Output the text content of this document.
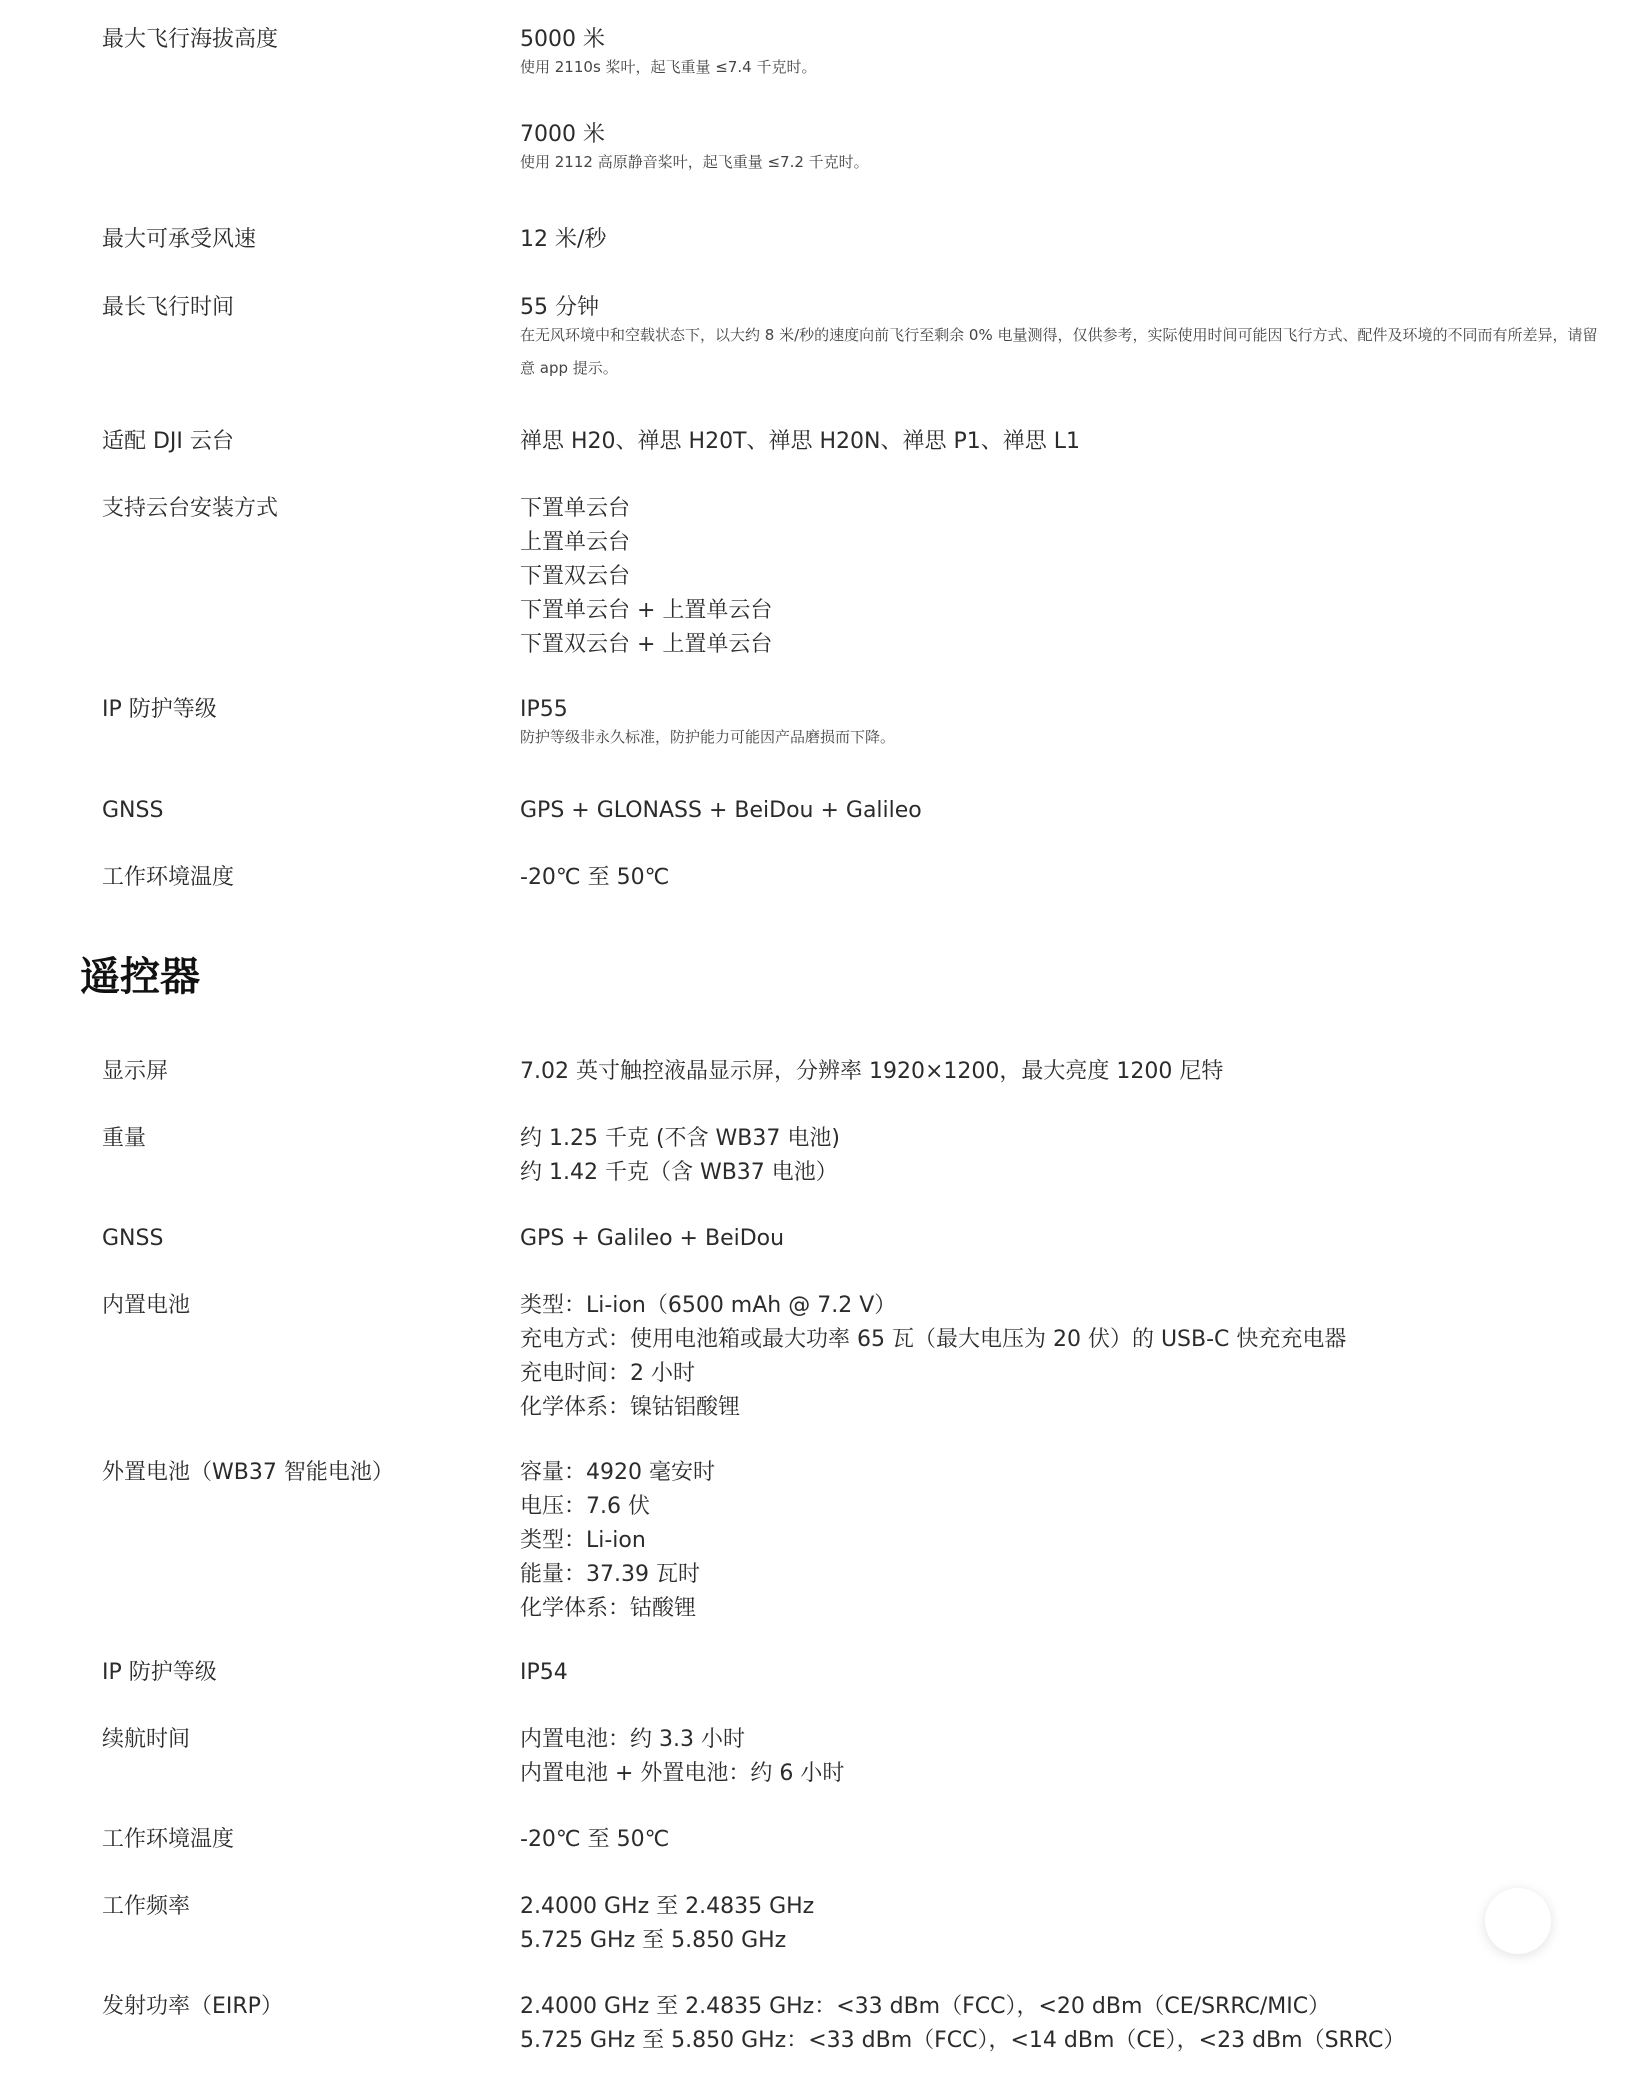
最大飞行海拔高度	5000 米
使用 2110s 桨叶，起飞重量 ≤7.4 千克时。
7000 米
使用 2112 高原静音桨叶，起飞重量 ≤7.2 千克时。
最大可承受风速	12 米/秒
最长飞行时间	55 分钟
在无风环境中和空载状态下，以大约 8 米/秒的速度向前飞行至剩余 0% 电量测得，仅供参考，实际使用时间可能因飞行方式、配件及环境的不同而有所差异，请留意 app 提示。
适配 DJI 云台	禅思 H20、禅思 H20T、禅思 H20N、禅思 P1、禅思 L1
支持云台安装方式	下置单云台
上置单云台
下置双云台
下置单云台 + 上置单云台
下置双云台 + 上置单云台
IP 防护等级	IP55
防护等级非永久标准，防护能力可能因产品磨损而下降。
GNSS	GPS + GLONASS + BeiDou + Galileo
工作环境温度	-20℃ 至 50℃
遥控器
显示屏	7.02 英寸触控液晶显示屏，分辨率 1920×1200，最大亮度 1200 尼特
重量	约 1.25 千克 (不含 WB37 电池)
约 1.42 千克（含 WB37 电池）
GNSS	GPS + Galileo + BeiDou
内置电池	类型：Li-ion（6500 mAh @ 7.2 V）
充电方式：使用电池箱或最大功率 65 瓦（最大电压为 20 伏）的 USB-C 快充充电器
充电时间：2 小时
化学体系：镍钴铝酸锂
外置电池（WB37 智能电池）	容量：4920 毫安时
电压：7.6 伏
类型：Li-ion
能量：37.39 瓦时
化学体系：钴酸锂
IP 防护等级	IP54
续航时间	内置电池：约 3.3 小时
内置电池 + 外置电池：约 6 小时
工作环境温度	-20℃ 至 50℃
工作频率	2.4000 GHz 至 2.4835 GHz
5.725 GHz 至 5.850 GHz
发射功率（EIRP）	2.4000 GHz 至 2.4835 GHz：<33 dBm（FCC），<20 dBm（CE/SRRC/MIC）
5.725 GHz 至 5.850 GHz：<33 dBm（FCC），<14 dBm（CE），<23 dBm（SRRC）
